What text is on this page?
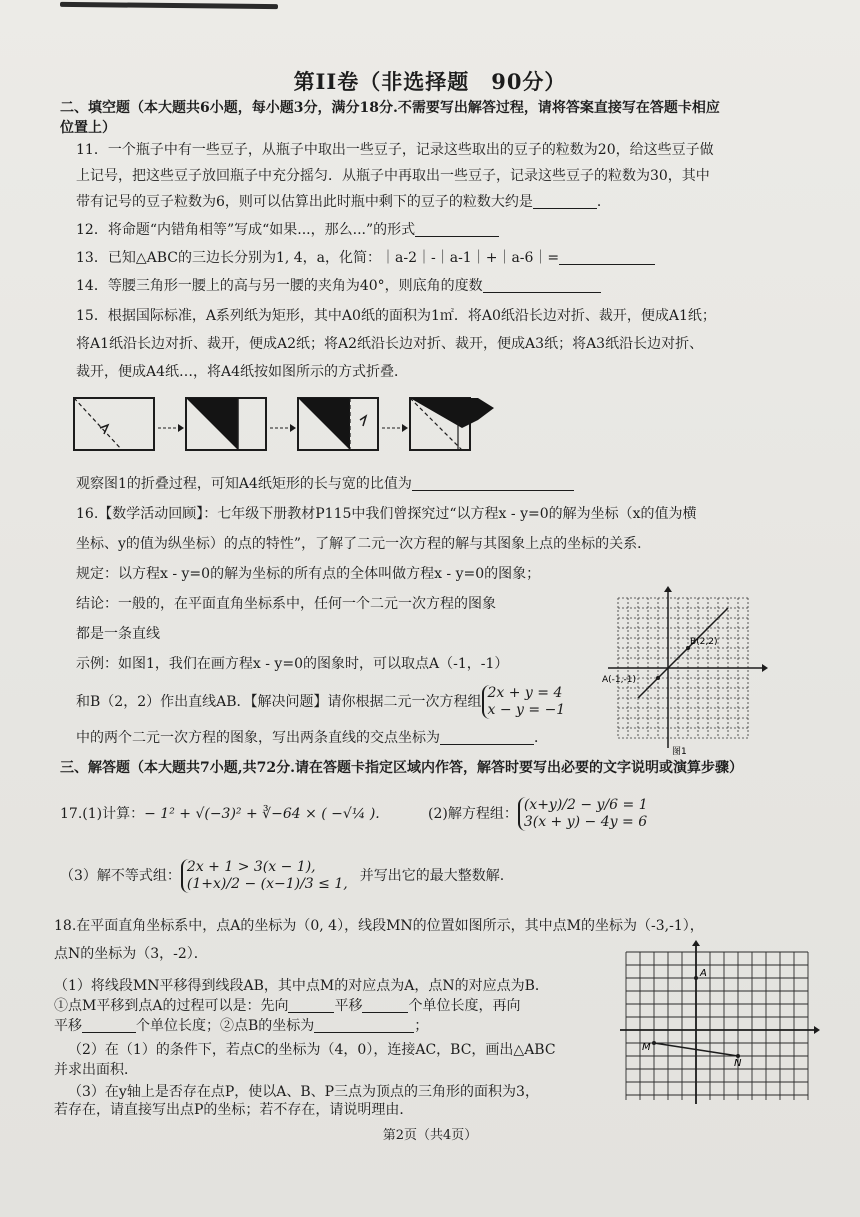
第II卷（非选择题　90分）
二、填空题（本大题共6小题，每小题3分，满分18分.不需要写出解答过程，请将答案直接写在答题卡相应
位置上）
11．一个瓶子中有一些豆子，从瓶子中取出一些豆子，记录这些取出的豆子的粒数为20，给这些豆子做
上记号，把这些豆子放回瓶子中充分摇匀．从瓶子中再取出一些豆子，记录这些豆子的粒数为30，其中
带有记号的豆子粒数为6，则可以估算出此时瓶中剩下的豆子的粒数大约是	．
12．将命题“内错角相等”写成“如果...，那么...”的形式
13．已知△ABC的三边长分别为1, 4，a，化简：｜a-2｜-｜a-1｜+｜a-6｜=
14．等腰三角形一腰上的高与另一腰的夹角为40°，则底角的度数
15．根据国际标准，A系列纸为矩形，其中A0纸的面积为1㎡．将A0纸沿长边对折、裁开，便成A1纸；
将A1纸沿长边对折、裁开，便成A2纸；将A2纸沿长边对折、裁开，便成A3纸；将A3纸沿长边对折、
裁开，便成A4纸…，将A4纸按如图所示的方式折叠．
观察图1的折叠过程，可知A4纸矩形的长与宽的比值为
16.【数学活动回顾】：七年级下册教材P115中我们曾探究过“以方程x - y=0的解为坐标（x的值为横
坐标、y的值为纵坐标）的点的特性”，了解了二元一次方程的解与其图象上点的坐标的关系．
规定：以方程x - y=0的解为坐标的所有点的全体叫做方程x - y=0的图象；
结论：一般的，在平面直角坐标系中，任何一个二元一次方程的图象
都是一条直线
示例：如图1，我们在画方程x - y=0的图象时，可以取点A（-1，-1）
和B（2，2）作出直线AB．【解决问题】请你根据二元一次方程组2x + y = 4
x − y = −1
中的两个二元一次方程的图象，写出两条直线的交点坐标为	．
B(2,2)
A(-1,-1)
图1
三、解答题（本大题共7小题,共72分.请在答题卡指定区域内作答，解答时要写出必要的文字说明或演算步骤）
17.(1)计算：− 1² + √(−3)² + ∛−64 × ( −√¼ ).	(2)解方程组：(x+y)/2 − y/6 = 1
3(x + y) − 4y = 6
（3）解不等式组：2x + 1 > 3(x − 1),
(1+x)/2 − (x−1)/3 ≤ 1, 并写出它的最大整数解.
18.在平面直角坐标系中，点A的坐标为（0, 4），线段MN的位置如图所示，其中点M的坐标为（-3,-1），
点N的坐标为（3，-2）．
（1）将线段MN平移得到线段AB，其中点M的对应点为A，点N的对应点为B．
①点M平移到点A的过程可以是：先向	平移	个单位长度，再向
平移	个单位长度；②点B的坐标为	；
（2）在（1）的条件下，若点C的坐标为（4，0），连接AC，BC，画出△ABC
并求出面积．
（3）在y轴上是否存在点P，使以A、B、P三点为顶点的三角形的面积为3，
若存在，请直接写出点P的坐标；若不存在，请说明理由．
A
M
N
第2页（共4页）
